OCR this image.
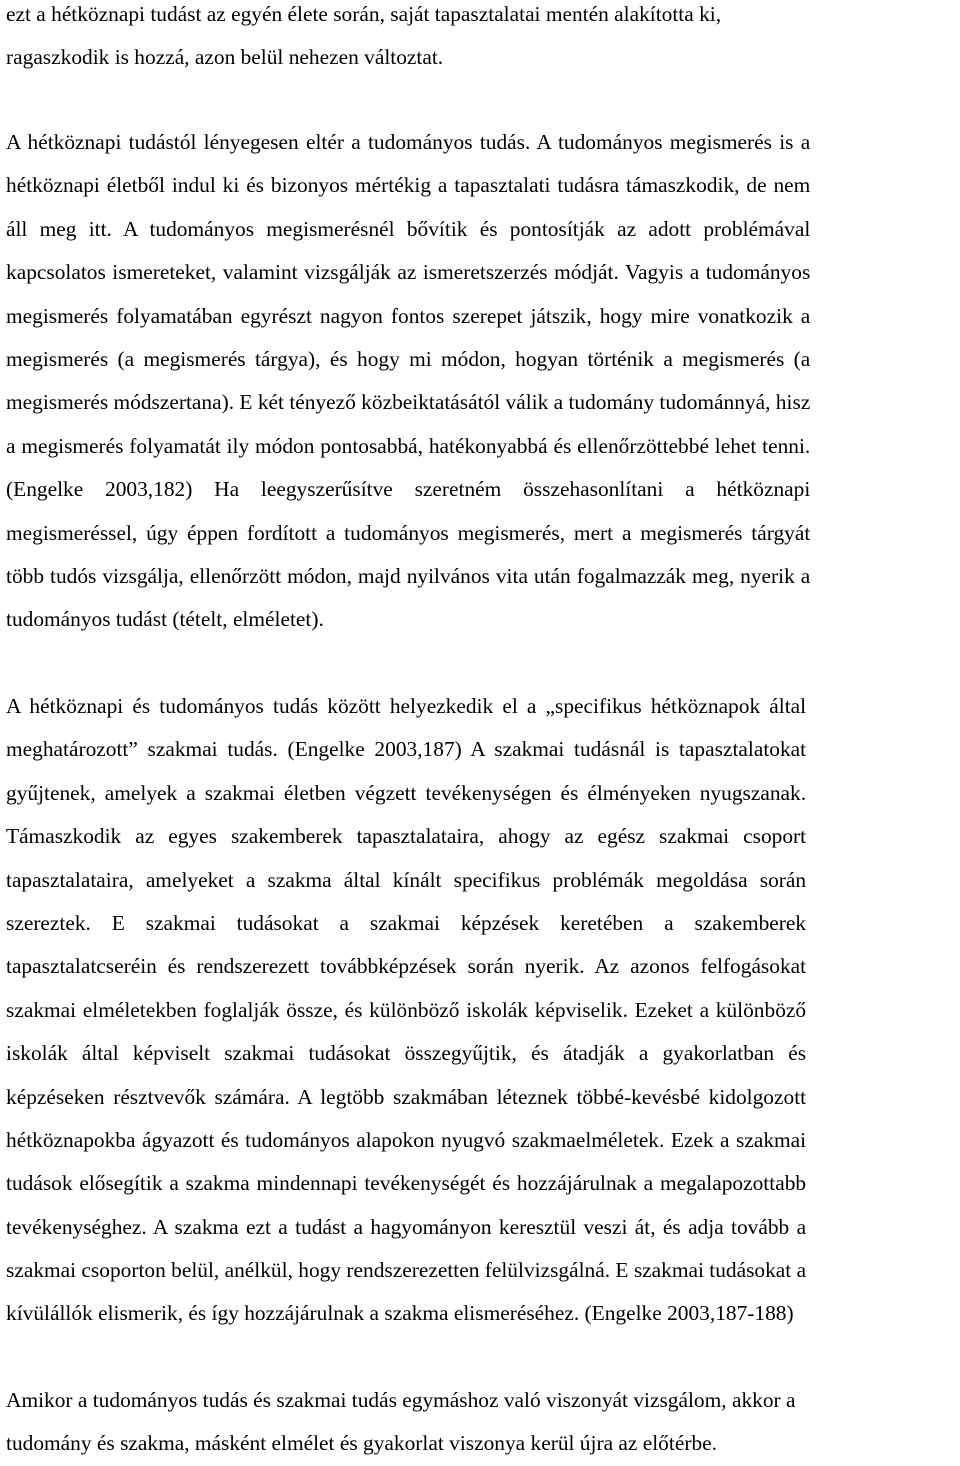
ezt a hétköznapi tudást az egyén élete során, saját tapasztalatai mentén alakította ki,
ragaszkodik is hozzá, azon belül nehezen változtat.

A hétköznapi tudástól lényegesen eltér a tudományos tudás. A tudományos megismerés is a
hétköznapi életből indul ki és bizonyos mértékig a tapasztalati tudásra támaszkodik, de nem
áll meg itt. A tudományos megismerésnél bővítik és pontosítják az adott problémával
kapcsolatos ismereteket, valamint vizsgálják az ismeretszerzés módját. Vagyis a tudományos
megismerés folyamatában egyrészt nagyon fontos szerepet játszik, hogy mire vonatkozik a
megismerés (a megismerés tárgya), és hogy mi módon, hogyan történik a megismerés (a
megismerés módszertana). E két tényező közbeiktatásától válik a tudomány tudománnyá, hisz
a megismerés folyamatát ily módon pontosabbá, hatékonyabbá és ellenőrzöttebbé lehet tenni.
(Engelke 2003,182) Ha leegyszerűsítve szeretném összehasonlítani a hétköznapi
megismeréssel, úgy éppen fordított a tudományos megismerés, mert a megismerés tárgyát
több tudós vizsgálja, ellenőrzött módon, majd nyilvános vita után fogalmazzák meg, nyerik a
tudományos tudást (tételt, elméletet).

A hétköznapi és tudományos tudás között helyezkedik el a „specifikus hétköznapok által
meghatározott” szakmai tudás. (Engelke 2003,187) A szakmai tudásnál is tapasztalatokat
gyűjtenek, amelyek a szakmai életben végzett tevékenységen és élményeken nyugszanak.
Támaszkodik az egyes szakemberek tapasztalataira, ahogy az egész szakmai csoport
tapasztalataira, amelyeket a szakma által kínált specifikus problémák megoldása során
szereztek. E szakmai tudásokat a szakmai képzések keretében a szakemberek
tapasztalatcseréin és rendszerezett továbbképzések során nyerik. Az azonos felfogásokat
szakmai elméletekben foglalják össze, és különböző iskolák képviselik. Ezeket a különböző
iskolák által képviselt szakmai tudásokat összegyűjtik, és átadják a gyakorlatban és
képzéseken résztvevők számára. A legtöbb szakmában léteznek többé-kevésbé kidolgozott
hétköznapokba ágyazott és tudományos alapokon nyugvó szakmaelméletek. Ezek a szakmai
tudások elősegítik a szakma mindennapi tevékenységét és hozzájárulnak a megalapozottabb
tevékenységhez. A szakma ezt a tudást a hagyományon keresztül veszi át, és adja tovább a
szakmai csoporton belül, anélkül, hogy rendszerezetten felülvizsgálná. E szakmai tudásokat a
kívülállók elismerik, és így hozzájárulnak a szakma elismeréséhez. (Engelke 2003,187-188)

Amikor a tudományos tudás és szakmai tudás egymáshoz való viszonyát vizsgálom, akkor a
tudomány és szakma, másként elmélet és gyakorlat viszonya kerül újra az előtérbe.
